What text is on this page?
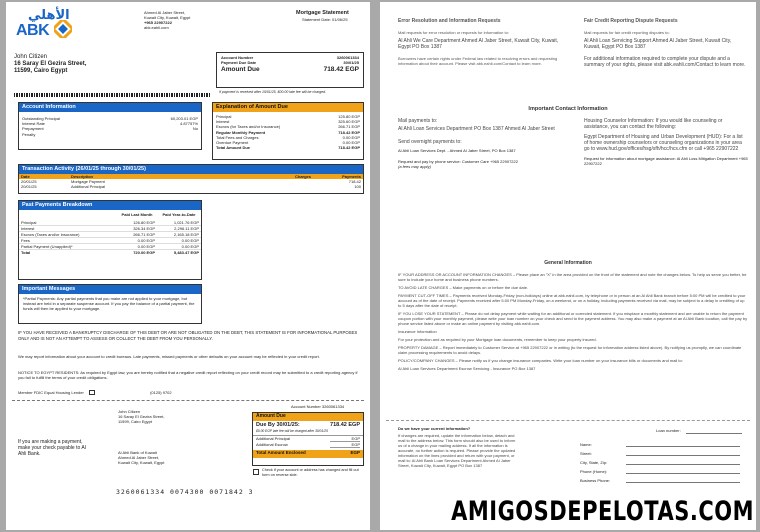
الأهلي
ABK
John Citizen
16 Saray El Gezira Street,
11599, Cairo Egypt
Ahmed Al Jaber Street,
Kuwait City, Kuwait, Egypt
+965 22907222
abk.eahli.com
Mortgage Statement
Statement Date: 01/06/25
Account Number	3260061334
Payment Due Date	30/01/25
Amount Due	718.42 EGP
If payment is received after 15/01/25, $00.00 late fee will be charged.
Account Information
Outstanding Principal	60,203.01 EGP
Interest Rate	4.87757%
Prepayment	No
Penalty
Explanation of Amount Due
Principal	125.80 EGP
Interest	325.60 EGP
Escrow (for Taxes and/or Insurance)	266.71 EGP
Regular Monthly Payment	718.42 EGP
Total Fees and Charges	0.00 EGP
Overdue Payment	0.00 EGP
Total Amount Due	718.42 EGP
Transaction Activity (26/01/25 through 30/01/25)
Date	Description	Charges	Payments
20/01/25	Mortgage Payment		718.42
20/01/25	Additional Principal		100
Past Payments Breakdown
	Paid Last Month	Paid Year-to-Date

Principal	126.80 EGP	1,021.76 EGP
Interest	326.34 EGP	2,296.11 EGP
Escrow (Taxes and/or Insurance)	266.71 EGP	2,165.18 EGP
Fees	0.00 EGP	0.00 EGP
Partial Payment (Unapplied)*	0.00 EGP	0.00 EGP
Total	720.00 EGP	5,483.47 EGP
Important Messages
*Partial Payments: Any partial payments that you make are not applied to your mortgage, but instead are held in a separate suspense account. If you pay the balance of a partial payment, the funds will then be applied to your mortgage.
IF YOU HAVE RECEIVED A BANKRUPTCY DISCHARGE OF THIS DEBT OR ARE NOT OBLIGATED ON THE DEBT, THIS STATEMENT IS FOR INFORMATIONAL PURPOSES ONLY AND IS NOT AN ATTEMPT TO ASSESS OR COLLECT THE DEBT FROM YOU PERSONALLY.
We may report information about your account to credit bureaus. Late payments, missed payments or other defaults on your account may be reflected in your credit report.
NOTICE TO EGYPT RESIDENTS: As required by Egypt law, you are hereby notified that a negative credit report reflecting on your credit record may be submitted to a credit reporting agency if you fail to fulfill the terms of your credit obligations.
Member FDIC Equal Housing Lender	(0125) 9702
Account Number 3260061334
John Citizen
16 Saray El Gezira Street,
11599, Cairo Egypt
If you are making a payment, make your check payable to Al Ahli Bank.	Al Ahli Bank of Kuwait
Ahmed Al Jaber Street,
Kuwait City, Kuwait, Egypt
Amount Due
Due By 30/01/25:	718.42 EGP
$0.00 EGP late fee will be charged after 30/01/25
Additional Principal	EGP
Additional Escrow	EGP
Total Amount Enclosed	EGP
Check if your account or address has changed and fill out form on reverse side.
3260061334 0074300 0071842 3
Error Resolution and Information Requests
Mail requests for error resolution or requests for information to:
Al Ahli We Care Department Ahmed Al Jaber Street, Kuwait City, Kuwait, Egypt PO Box 1387
Borrowers have certain rights under Federal law related to resolving errors and requesting information about their account. Please visit abk.eahli.com/Contact to learn more.
Fair Credit Reporting Dispute Requests
Mail requests for fair credit reporting disputes to:
Al Ahli Loan Servicing Support Ahmed Al Jaber Street, Kuwait City, Kuwait, Egypt PO Box 1387
For additional information required to complete your dispute and a summary of your rights, please visit abk.eahli.com/Contact to learn more.
Important Contact Information
Mail payments to:
Al Ahli Loan Services Department PO Box 1387 Ahmed Al Jaber Street
Send overnight payments to:
Al Ahli Loan Services Dept. - Ahmed Al Jaber Street, PO Box 1387
Request and pay by phone service: Customer Care +965 22907222
(a fees may apply)
Housing Counselor Information: If you would like counseling or assistance, you can contact the following:
Egypt Department of Housing and Urban Development (HUD): For a list of home ownership counselors or counseling organizations in your area go to www.hud.gov/offices/hsg/sfh/hcc/hcs.cfm or call +965 22907222
Request for information about mortgage assistance: Al Ahli Loss Mitigation Department +965 22907222
General Information
IF YOUR ADDRESS OR ACCOUNT INFORMATION CHANGES – Please place an "X" in the area provided on the front of the statement and note the changes below. To help us serve you better, be sure to include your home and business phone numbers.
TO AVOID LATE CHARGES – Make payments on or before the due date.
PAYMENT CUT-OFF TIMES – Payments received Monday-Friday (non-holidays) online at abk.eahli.com, by telephone or in person at an Al Ahli Bank branch before 5:00 PM will be credited to your account as of the date of receipt. Payments received after 5:00 PM Monday-Friday, on a weekend, or on a holiday, including payments received via mail, may be subject to a delay in crediting of up to 5 days after the date of receipt.
IF YOU LOSE YOUR STATEMENT – Please do not delay payment while waiting for an additional or corrected statement. If you misplace a monthly statement and are unable to return the payment coupon portion with your monthly payment, please write your loan number on your check and send to the payment address. You may also make a payment at an Al Ahli Bank location, call the pay by phone service listed above or make an online payment by visiting abk.eahli.com.
Insurance Information
For your protection and as required by your Mortgage loan documents, remember to keep your property insured.
PROPERTY DAMAGE – Report immediately to Customer Service at +965 22907222 or in writing (to the request for information address listed above). By notifying us promptly, we can coordinate claim processing requirements to avoid delays.
POLICY/COMPANY CHANGES – Please notify us if you change insurance companies. Write your loan number on your insurance bills or documents and mail to:
Al Ahli Loan Services Department Escrow Servicing - Insurance PO Box 1387
Do we have your current information?
If changes are required, update the information below, detach and mail to the address below. This form should also be used to inform us of a change in your mailing address. If all the information is accurate, no further action is required. Please provide the updated information on the lines provided and return with your payment, or mail to: Al Ahli Bank Loan Services Department Ahmed Al Jaber Street, Kuwait City, Kuwait, Egypt PO Box 1387
Loan number:
Name:
Street:
City, State, Zip:
Phone (Home):
Business Phone:
AMIGOSDEPELOTAS.COM
